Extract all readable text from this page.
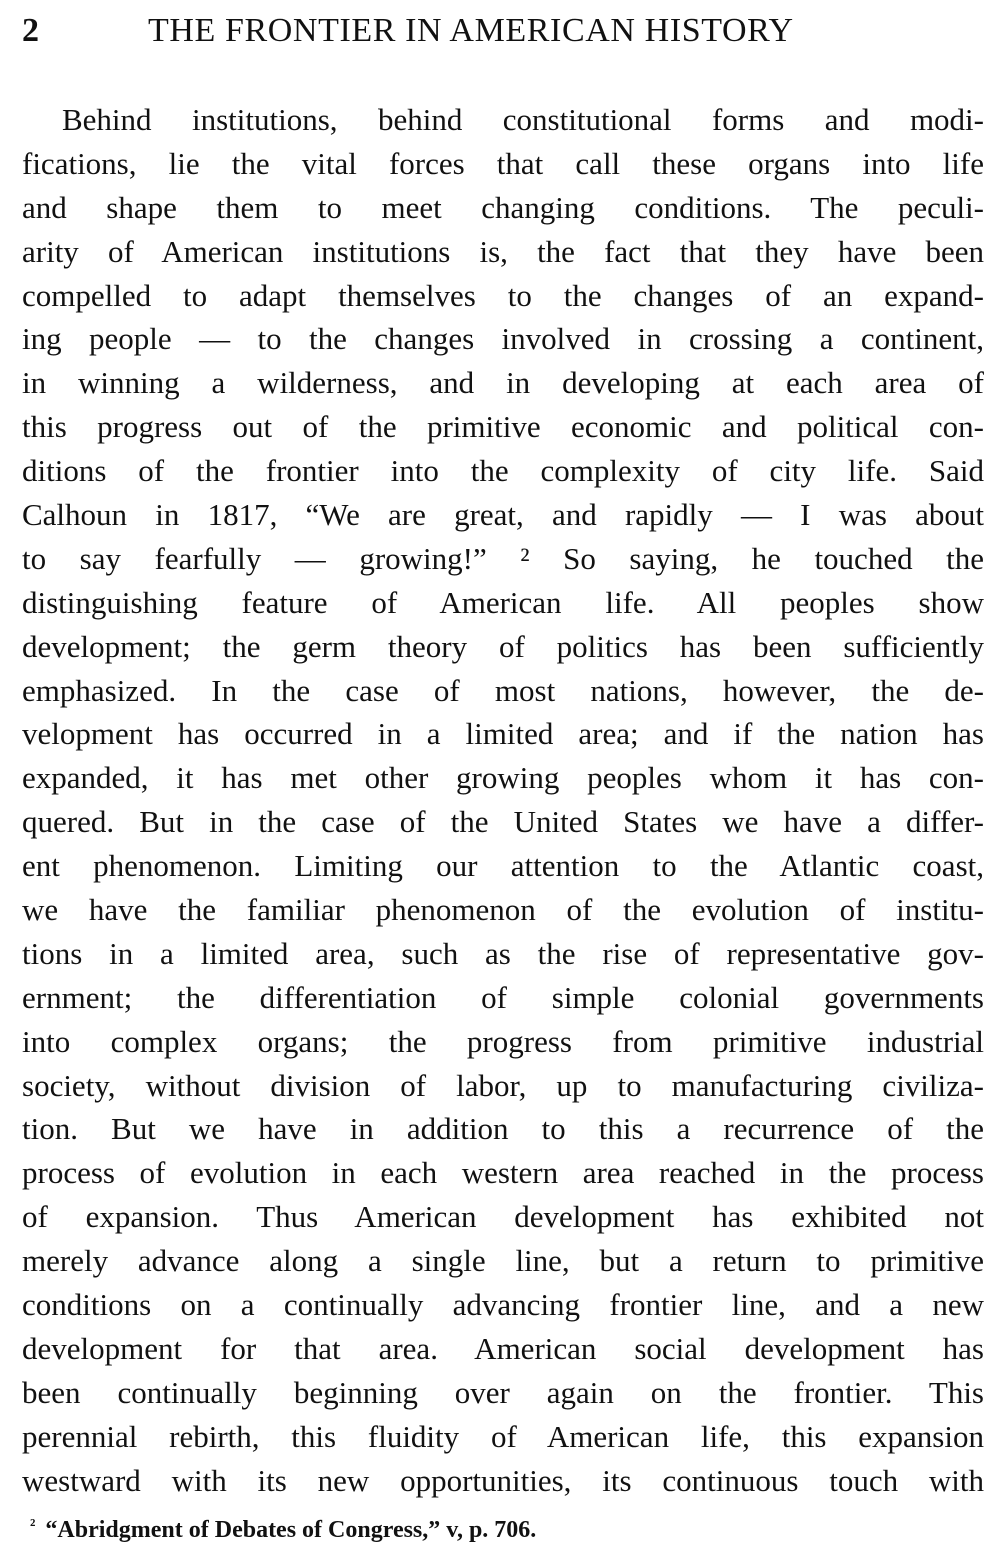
2	THE FRONTIER IN AMERICAN HISTORY
Behind institutions, behind constitutional forms and modi-
fications, lie the vital forces that call these organs into life
and shape them to meet changing conditions. The peculi-
arity of American institutions is, the fact that they have been
compelled to adapt themselves to the changes of an expand-
ing people — to the changes involved in crossing a continent,
in winning a wilderness, and in developing at each area of
this progress out of the primitive economic and political con-
ditions of the frontier into the complexity of city life. Said
Calhoun in 1817, “We are great, and rapidly — I was about
to say fearfully — growing!” ² So saying, he touched the
distinguishing feature of American life. All peoples show
development; the germ theory of politics has been sufficiently
emphasized. In the case of most nations, however, the de-
velopment has occurred in a limited area; and if the nation has
expanded, it has met other growing peoples whom it has con-
quered. But in the case of the United States we have a differ-
ent phenomenon. Limiting our attention to the Atlantic coast,
we have the familiar phenomenon of the evolution of institu-
tions in a limited area, such as the rise of representative gov-
ernment; the differentiation of simple colonial governments
into complex organs; the progress from primitive industrial
society, without division of labor, up to manufacturing civiliza-
tion. But we have in addition to this a recurrence of the
process of evolution in each western area reached in the process
of expansion. Thus American development has exhibited not
merely advance along a single line, but a return to primitive
conditions on a continually advancing frontier line, and a new
development for that area. American social development has
been continually beginning over again on the frontier. This
perennial rebirth, this fluidity of American life, this expansion
westward with its new opportunities, its continuous touch with
$^{^2}$ “Abridgment of Debates of Congress,” v, p. 706.
